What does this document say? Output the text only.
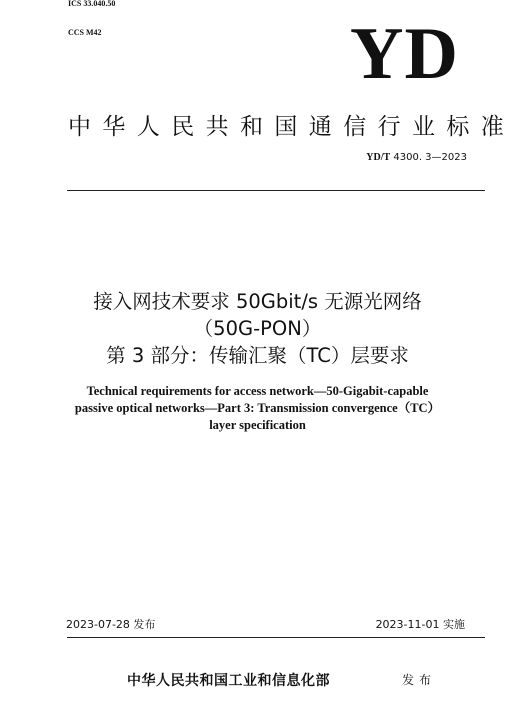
ICS 33.040.50
CCS M42	YD
中华人民共和国通信行业标准
YD/T 4300. 3—2023
接入网技术要求 50Gbit/s 无源光网络
（50G-PON）
第 3 部分：传输汇聚（TC）层要求
Technical requirements for access network—50-Gigabit-capable
passive optical networks—Part 3: Transmission convergence（TC）
layer specification
2023-07-28 发布	2023-11-01 实施
中华人民共和国工业和信息化部	发布
